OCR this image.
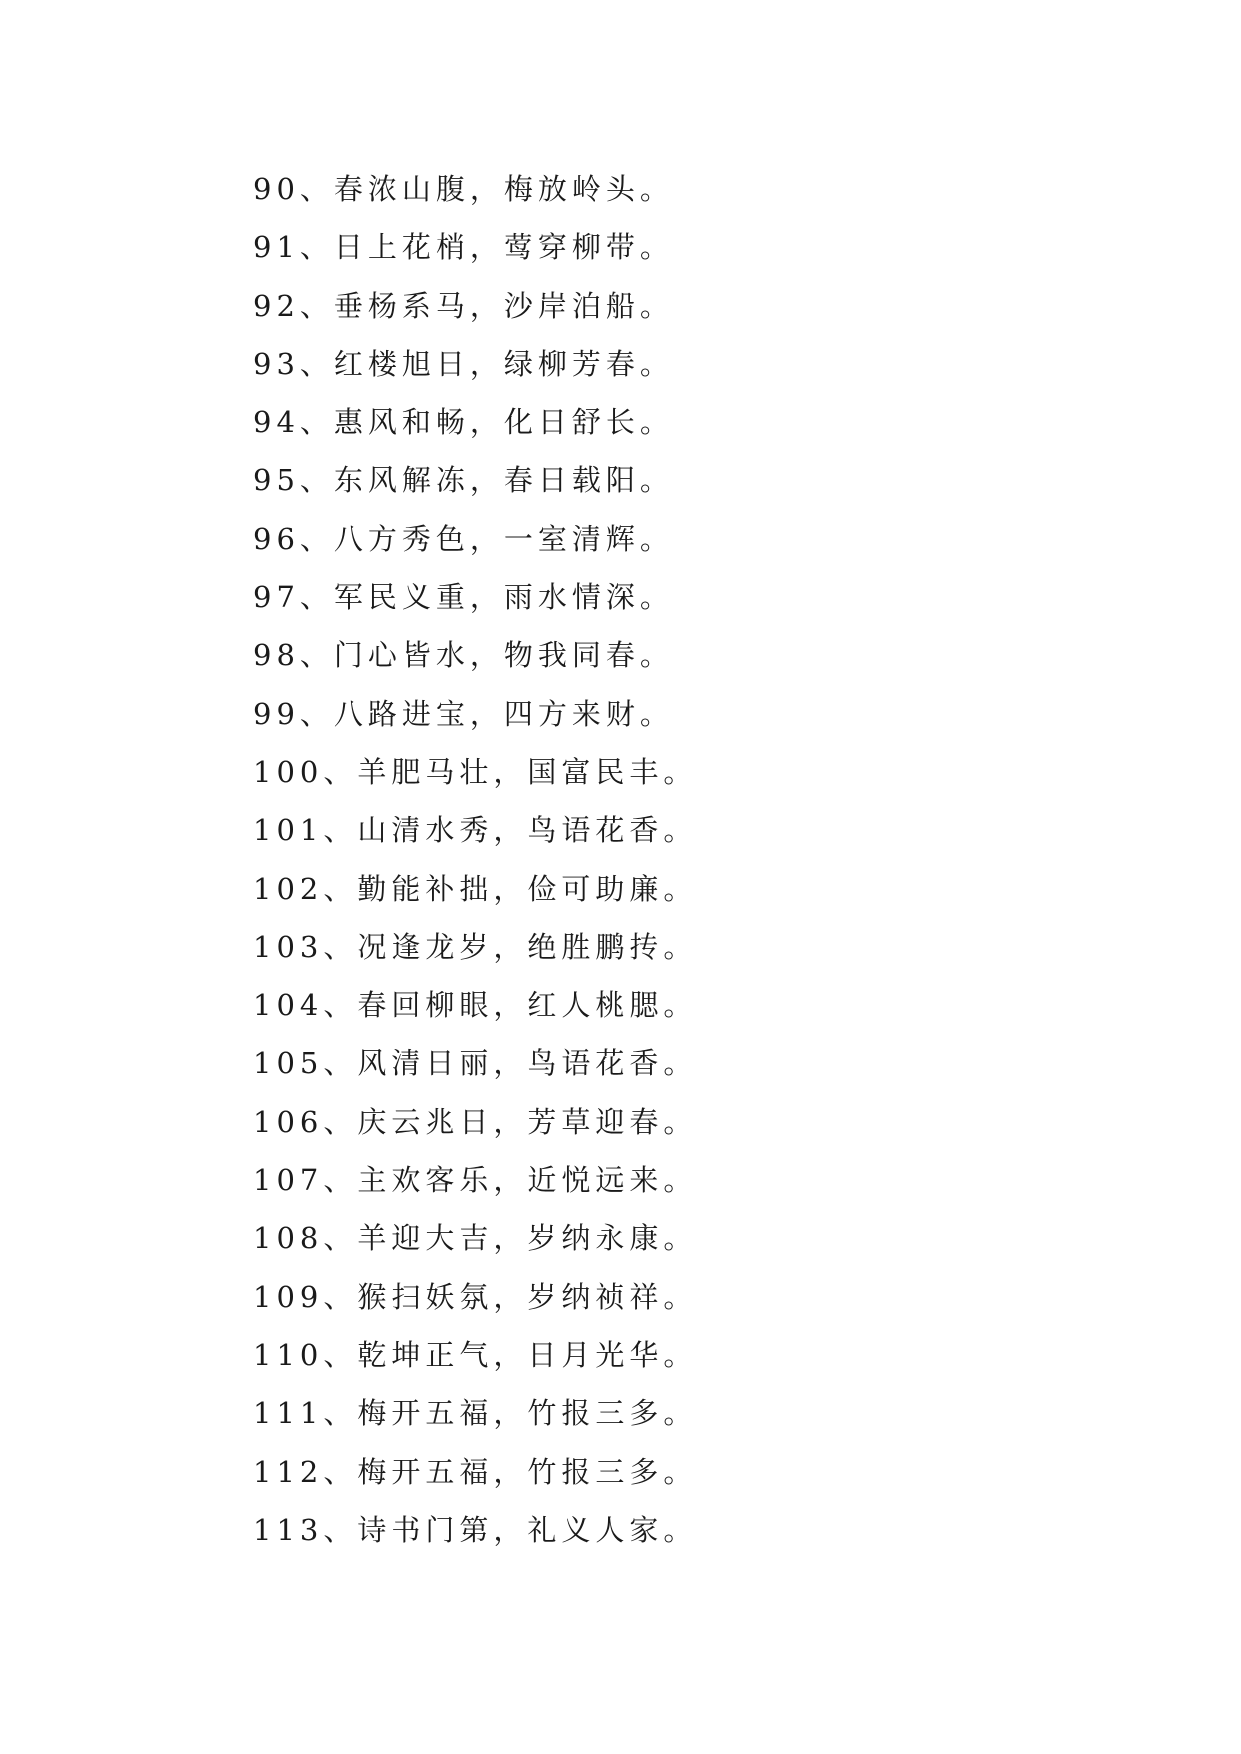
90、春浓山腹，梅放岭头。
91、日上花梢，莺穿柳带。
92、垂杨系马，沙岸泊船。
93、红楼旭日，绿柳芳春。
94、惠风和畅，化日舒长。
95、东风解冻，春日载阳。
96、八方秀色，一室清辉。
97、军民义重，雨水情深。
98、门心皆水，物我同春。
99、八路进宝，四方来财。
100、羊肥马壮，国富民丰。
101、山清水秀，鸟语花香。
102、勤能补拙，俭可助廉。
103、况逢龙岁，绝胜鹏抟。
104、春回柳眼，红人桃腮。
105、风清日丽，鸟语花香。
106、庆云兆日，芳草迎春。
107、主欢客乐，近悦远来。
108、羊迎大吉，岁纳永康。
109、猴扫妖氛，岁纳祯祥。
110、乾坤正气，日月光华。
111、梅开五福，竹报三多。
112、梅开五福，竹报三多。
113、诗书门第，礼义人家。
